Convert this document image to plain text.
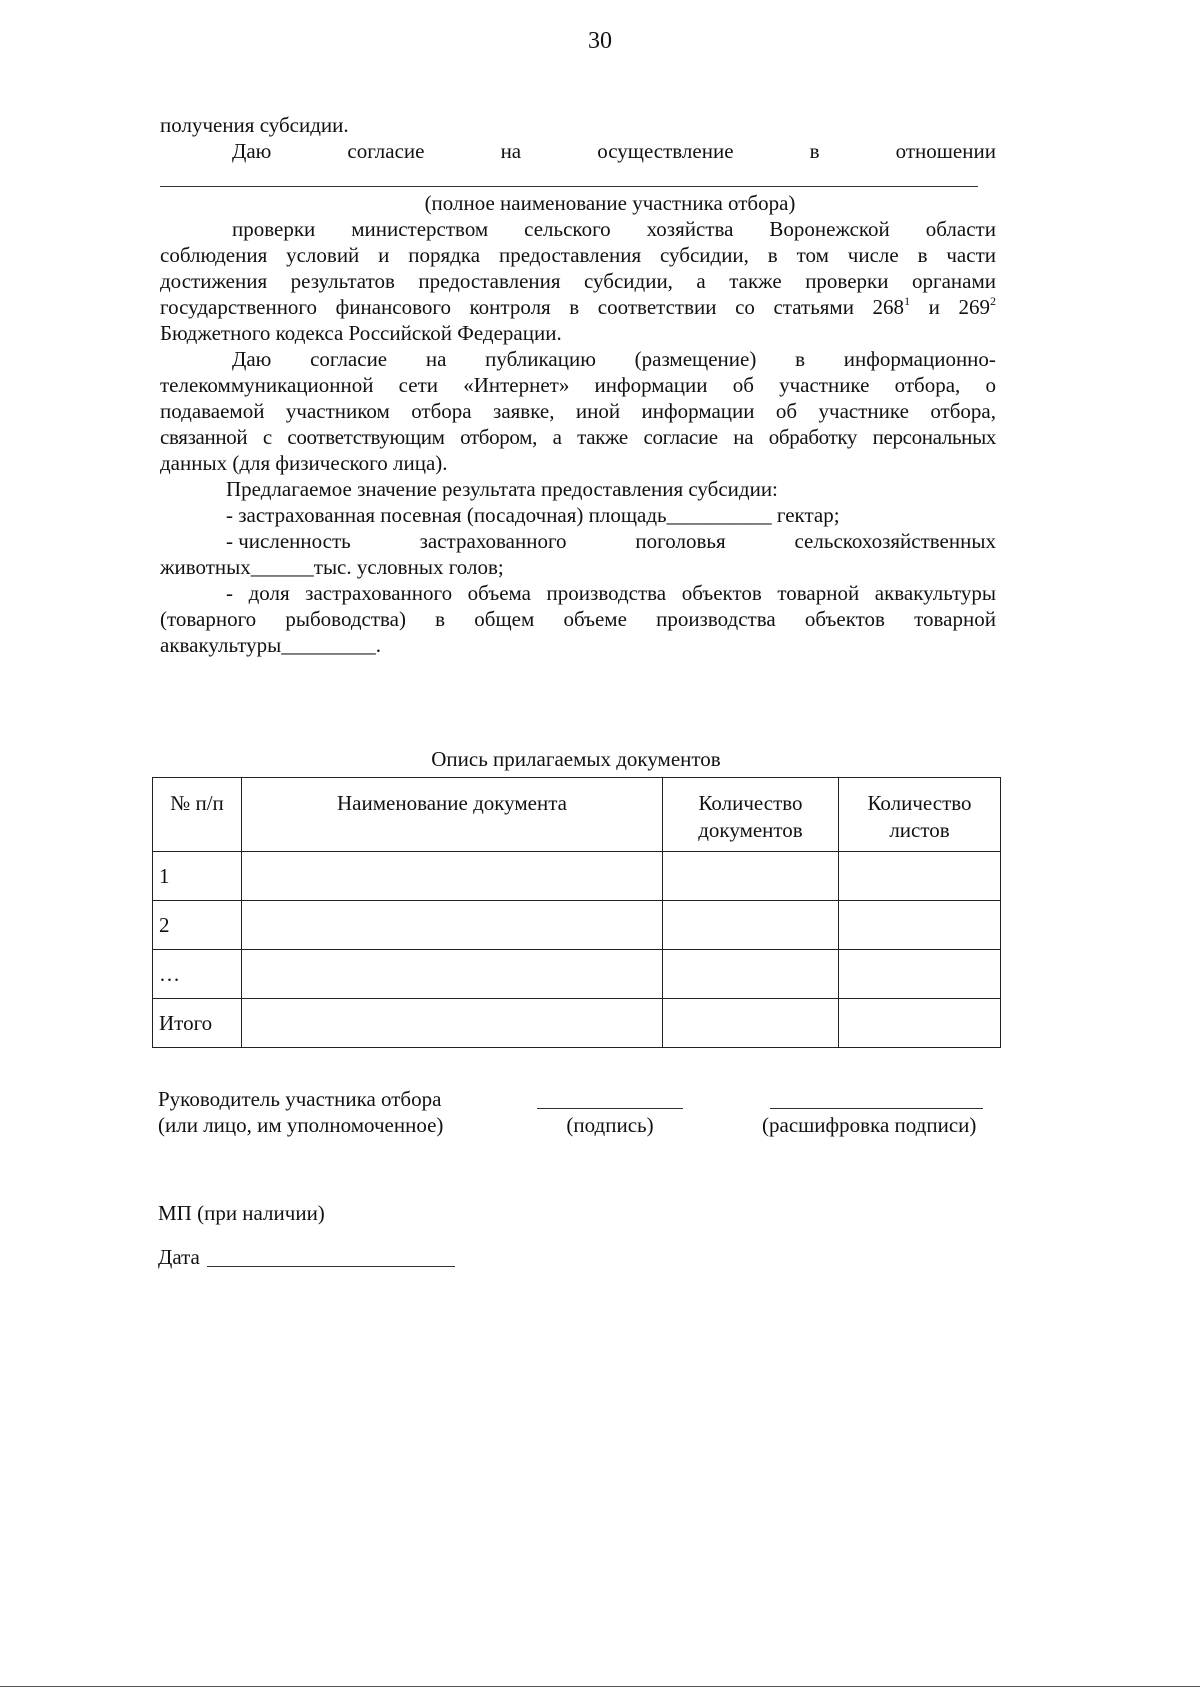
30

получения субсидии.

Даю	согласие	на	осуществление	в	отношении

(полное наименование участника отбора)

проверки министерством сельского хозяйства Воронежской области

соблюдения условий и порядка предоставления субсидии, в том числе в части

достижения результатов предоставления субсидии, а также проверки органами

государственного финансового контроля в соответствии со статьями $268^1$ и $269^2$

Бюджетного кодекса Российской Федерации.

Даю согласие на публикацию (размещение) в информационно-

телекоммуникационной сети «Интернет» информации об участнике отбора, о

подаваемой участником отбора заявке, иной информации об участнике отбора,

связанной с соответствующим отбором, а также согласие на обработку персональных

данных (для физического лица).

Предлагаемое значение результата предоставления субсидии:

- застрахованная посевная (посадочная) площадь__________ гектар;

- численность	застрахованного	поголовья	сельскохозяйственных

животных______тыс. условных голов;

- доля застрахованного объема производства объектов товарной аквакультуры

(товарного рыбоводства) в общем объеме производства объектов товарной

аквакультуры_________.

Опись прилагаемых документов

№ п/п	Наименование документа	Количество документов	Количество листов
1			
2			
…			
Итого			

Руководитель участника отбора

(или лицо, им уполномоченное)	(подпись)	(расшифровка подписи)

МП (при наличии)

Дата
